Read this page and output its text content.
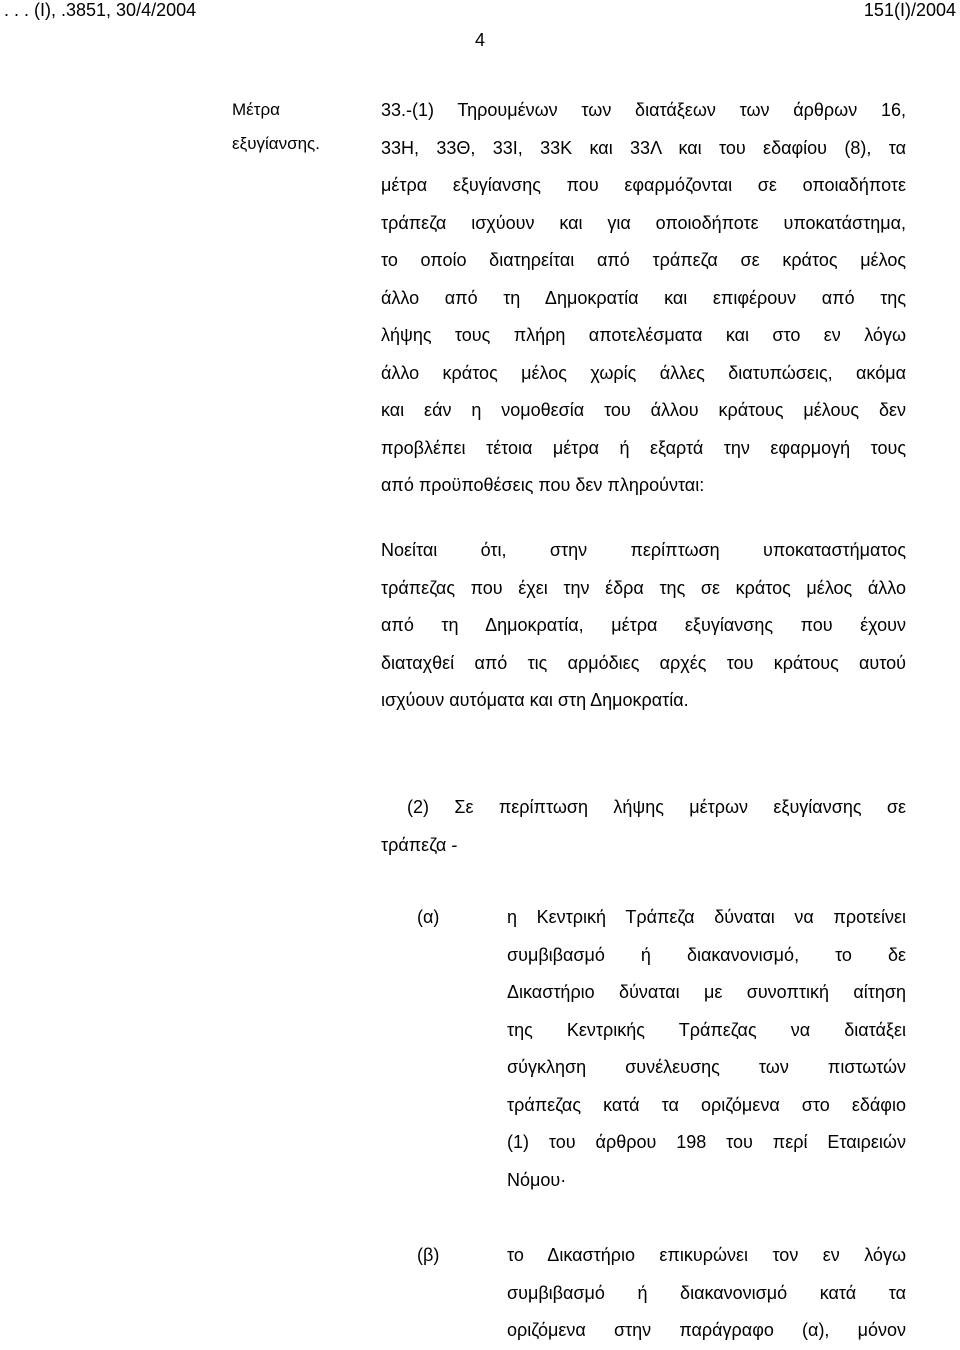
. . . (Ι), .3851, 30/4/2004	151(Ι)/2004
4
Μέτρα
εξυγίανσης.
33.-(1) Τηρουμένων των διατάξεων των άρθρων 16,
33Η, 33Θ, 33Ι, 33Κ και 33Λ και του εδαφίου (8), τα
μέτρα εξυγίανσης που εφαρμόζονται σε οποιαδήποτε
τράπεζα ισχύουν και για οποιοδήποτε υποκατάστημα,
το οποίο διατηρείται από τράπεζα σε κράτος μέλος
άλλο από τη Δημοκρατία και επιφέρουν από της
λήψης τους πλήρη αποτελέσματα και στο εν λόγω
άλλο κράτος μέλος χωρίς άλλες διατυπώσεις, ακόμα
και εάν η νομοθεσία του άλλου κράτους μέλους δεν
προβλέπει τέτοια μέτρα ή εξαρτά την εφαρμογή τους
από προϋποθέσεις που δεν πληρούνται:
Νοείται ότι, στην περίπτωση υποκαταστήματος
τράπεζας που έχει την έδρα της σε κράτος μέλος άλλο
από τη Δημοκρατία, μέτρα εξυγίανσης που έχουν
διαταχθεί από τις αρμόδιες αρχές του κράτους αυτού
ισχύουν αυτόματα και στη Δημοκρατία.
(2) Σε περίπτωση λήψης μέτρων εξυγίανσης σε
τράπεζα -
(α)	η Κεντρική Τράπεζα δύναται να προτείνει
συμβιβασμό ή διακανονισμό, το δε
Δικαστήριο δύναται με συνοπτική αίτηση
της Κεντρικής Τράπεζας να διατάξει
σύγκληση συνέλευσης των πιστωτών
τράπεζας κατά τα οριζόμενα στο εδάφιο
(1) του άρθρου 198 του περί Εταιρειών
Νόμου·
(β)	το Δικαστήριο επικυρώνει τον εν λόγω
συμβιβασμό ή διακανονισμό κατά τα
οριζόμενα στην παράγραφο (α), μόνον
